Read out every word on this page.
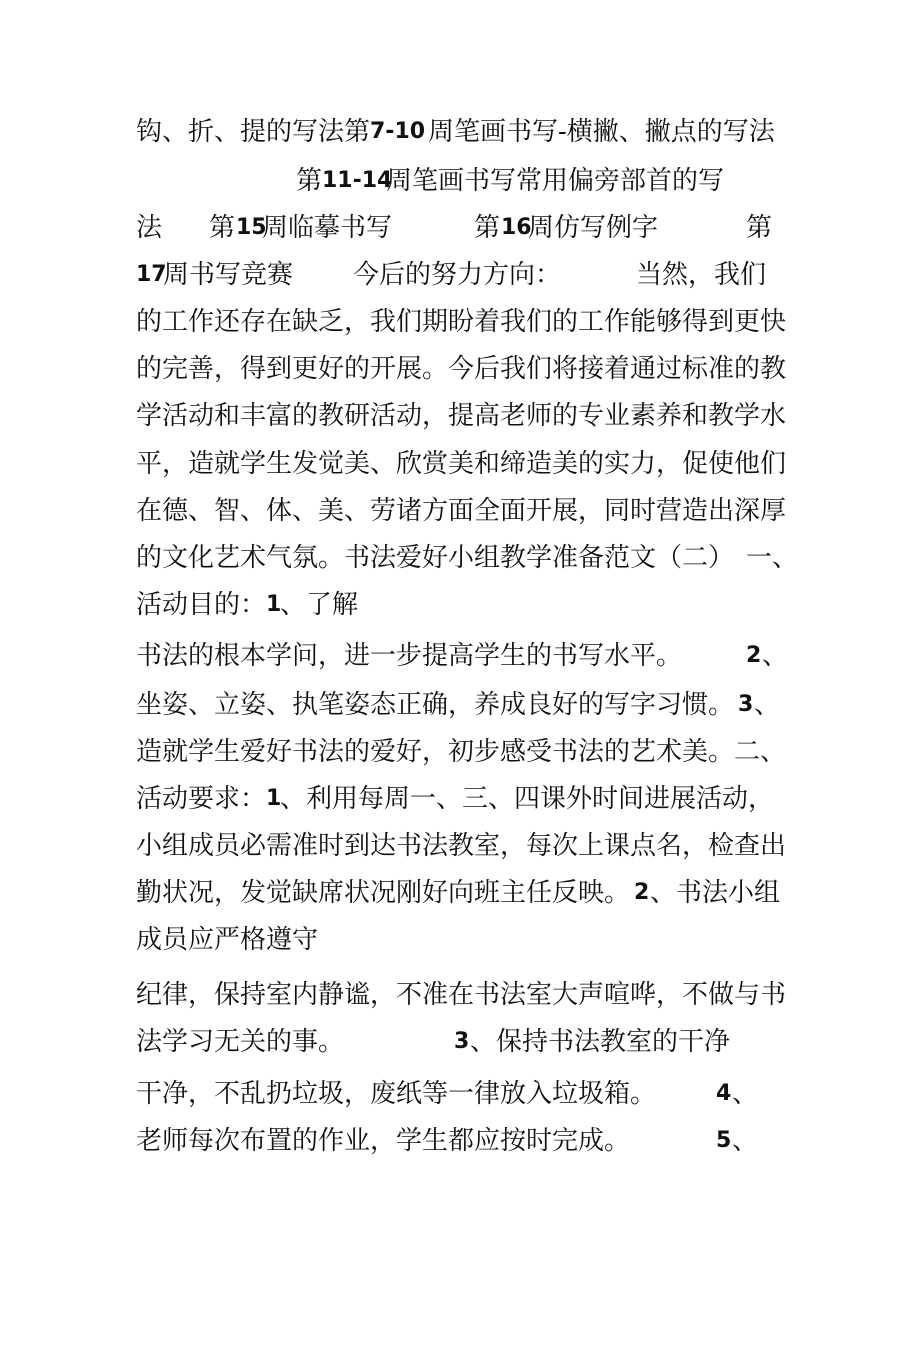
钩、折、提的写法第

7-10

周笔画书写-横撇、撇点的写法

第

11-14

周笔画书写常用偏旁部首的写

法

第

15

周临摹书写

	第

16

周仿写例字

	第

17

周书写竞赛

今后的努力方向：

	当然，我们

的工作还存在缺乏，我们期盼着我们的工作能够得到更快

的完善，得到更好的开展。今后我们将接着通过标准的教

学活动和丰富的教研活动，提高老师的专业素养和教学水

平，造就学生发觉美、欣赏美和缔造美的实力，促使他们

在德、智、体、美、劳诸方面全面开展，同时营造出深厚

的文化艺术气氛。书法爱好小组教学准备范文（二）

一、

活动目的：

1

、了解

书法的根本学问，进一步提高学生的书写水平。

	2

、

坐姿、立姿、执笔姿态正确，养成良好的写字习惯。

3

、

造就学生爱好书法的爱好，初步感受书法的艺术美。二、

活动要求：

1

、利用每周一、三、四课外时间进展活动，

小组成员必需准时到达书法教室，每次上课点名，检查出

勤状况，发觉缺席状况刚好向班主任反映。

2

、书法小组

成员应严格遵守

纪律，保持室内静谧，不准在书法室大声喧哗，不做与书

法学习无关的事。

	3

、保持书法教室的干净

干净，不乱扔垃圾，废纸等一律放入垃圾箱。

	4

、

老师每次布置的作业，学生都应按时完成。

	5

、
